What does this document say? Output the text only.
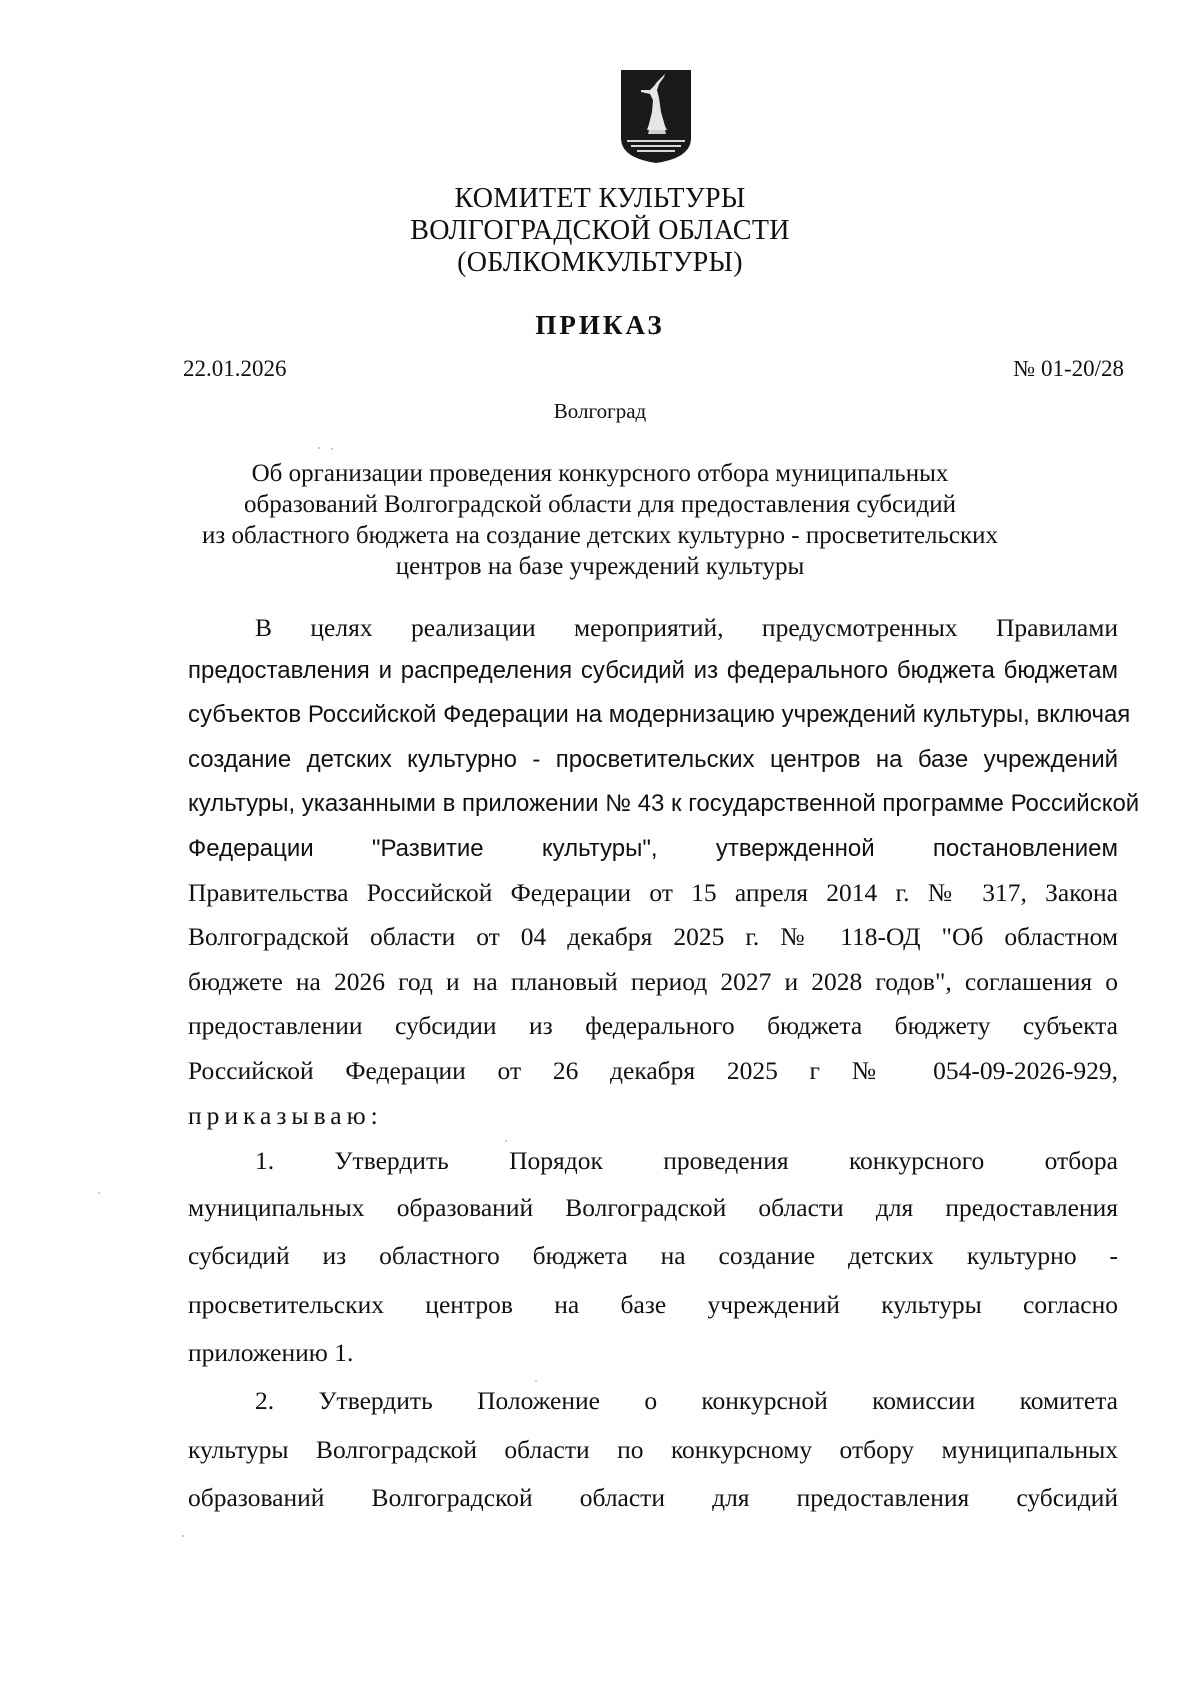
КОМИТЕТ КУЛЬТУРЫ
ВОЛГОГРАДСКОЙ ОБЛАСТИ
(ОБЛКОМКУЛЬТУРЫ)
ПРИКАЗ
22.01.2026	№ 01-20/28
Волгоград
Об организации проведения конкурсного отбора муниципальных
образований Волгоградской области для предоставления субсидий
из областного бюджета на создание детских культурно - просветительских
центров на базе учреждений культуры
В целях реализации мероприятий, предусмотренных Правилами
предоставления и распределения субсидий из федерального бюджета бюджетам
субъектов Российской Федерации на модернизацию учреждений культуры, включая
создание детских культурно - просветительских центров на базе учреждений
культуры, указанными в приложении № 43 к государственной программе Российской
Федерации "Развитие культуры", утвержденной постановлением
Правительства Российской Федерации от 15 апреля 2014 г. № 317, Закона
Волгоградской области от 04 декабря 2025 г. № 118-ОД "Об областном
бюджете на 2026 год и на плановый период 2027 и 2028 годов", соглашения о
предоставлении субсидии из федерального бюджета бюджету субъекта
Российской Федерации от 26 декабря 2025 г № 054-09-2026-929,
приказываю:
1. Утвердить Порядок проведения конкурсного отбора
муниципальных образований Волгоградской области для предоставления
субсидий из областного бюджета на создание детских культурно -
просветительских центров на базе учреждений культуры согласно
приложению 1.
2. Утвердить Положение о конкурсной комиссии комитета
культуры Волгоградской области по конкурсному отбору муниципальных
образований Волгоградской области для предоставления субсидий
